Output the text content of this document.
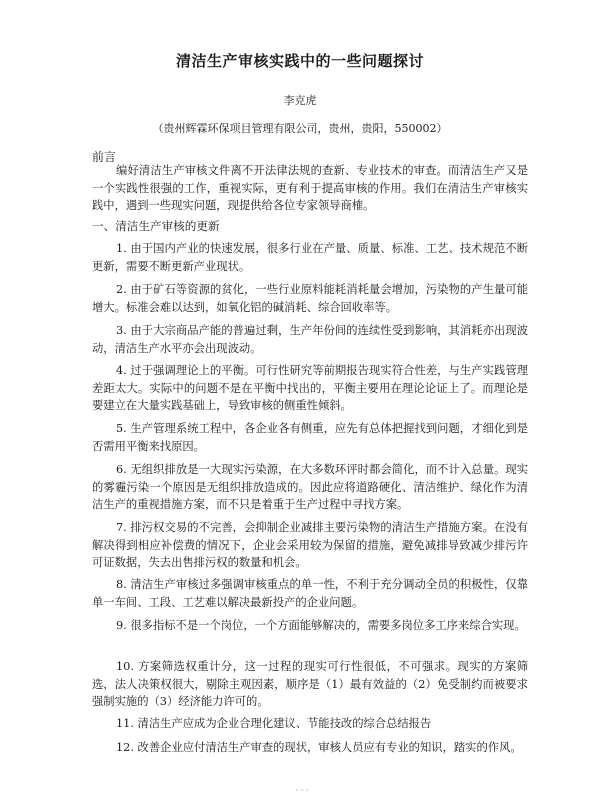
清洁生产审核实践中的一些问题探讨
李克虎
（贵州辉霖环保项目管理有限公司，贵州，贵阳，550002）
前言

编好清洁生产审核文件离不开法律法规的查新、专业技术的审查。而清洁生产又是一个实践性很强的工作，重视实际，更有利于提高审核的作用。我们在清洁生产审核实践中，遇到一些现实问题，现提供给各位专家领导商榷。

一、清洁生产审核的更新

1. 由于国内产业的快速发展，很多行业在产量、质量、标准、工艺、技术规范不断更新，需要不断更新产业现状。

2. 由于矿石等资源的贫化，一些行业原料能耗消耗量会增加，污染物的产生量可能增大。标准会难以达到，如氧化铝的碱消耗、综合回收率等。

3. 由于大宗商品产能的普遍过剩，生产年份间的连续性受到影响，其消耗亦出现波动，清洁生产水平亦会出现波动。

4. 过于强调理论上的平衡。可行性研究等前期报告现实符合性差，与生产实践管理差距太大。实际中的问题不是在平衡中找出的，平衡主要用在理论论证上了。而理论是要建立在大量实践基础上，导致审核的侧重性倾斜。

5. 生产管理系统工程中，各企业各有侧重，应先有总体把握找到问题，才细化到是否需用平衡来找原因。

6. 无组织排放是一大现实污染源，在大多数环评时都会简化，而不计入总量。现实的雾霾污染一个原因是无组织排放造成的。因此应将道路硬化、清洁维护、绿化作为清洁生产的重视措施方案，而不只是着重于生产过程中寻找方案。

7. 排污权交易的不完善，会抑制企业减排主要污染物的清洁生产措施方案。在没有解决得到相应补偿费的情况下，企业会采用较为保留的措施，避免减排导致减少排污许可证数据，失去出售排污权的数量和机会。

8. 清洁生产审核过多强调审核重点的单一性，不利于充分调动全员的积极性，仅靠单一车间、工段、工艺难以解决最新投产的企业问题。

9. 很多指标不是一个岗位，一个方面能够解决的，需要多岗位多工序来综合实现。

10. 方案筛选权重计分，这一过程的现实可行性很低，不可强求。现实的方案筛选，法人决策权很大，剔除主观因素，顺序是（1）最有效益的（2）免受制约而被要求强制实施的（3）经济能力许可的。

11. 清洁生产应成为企业合理化建议、节能技改的综合总结报告

12. 改善企业应付清洁生产审查的现状，审核人员应有专业的知识，踏实的作风。

· · ·
